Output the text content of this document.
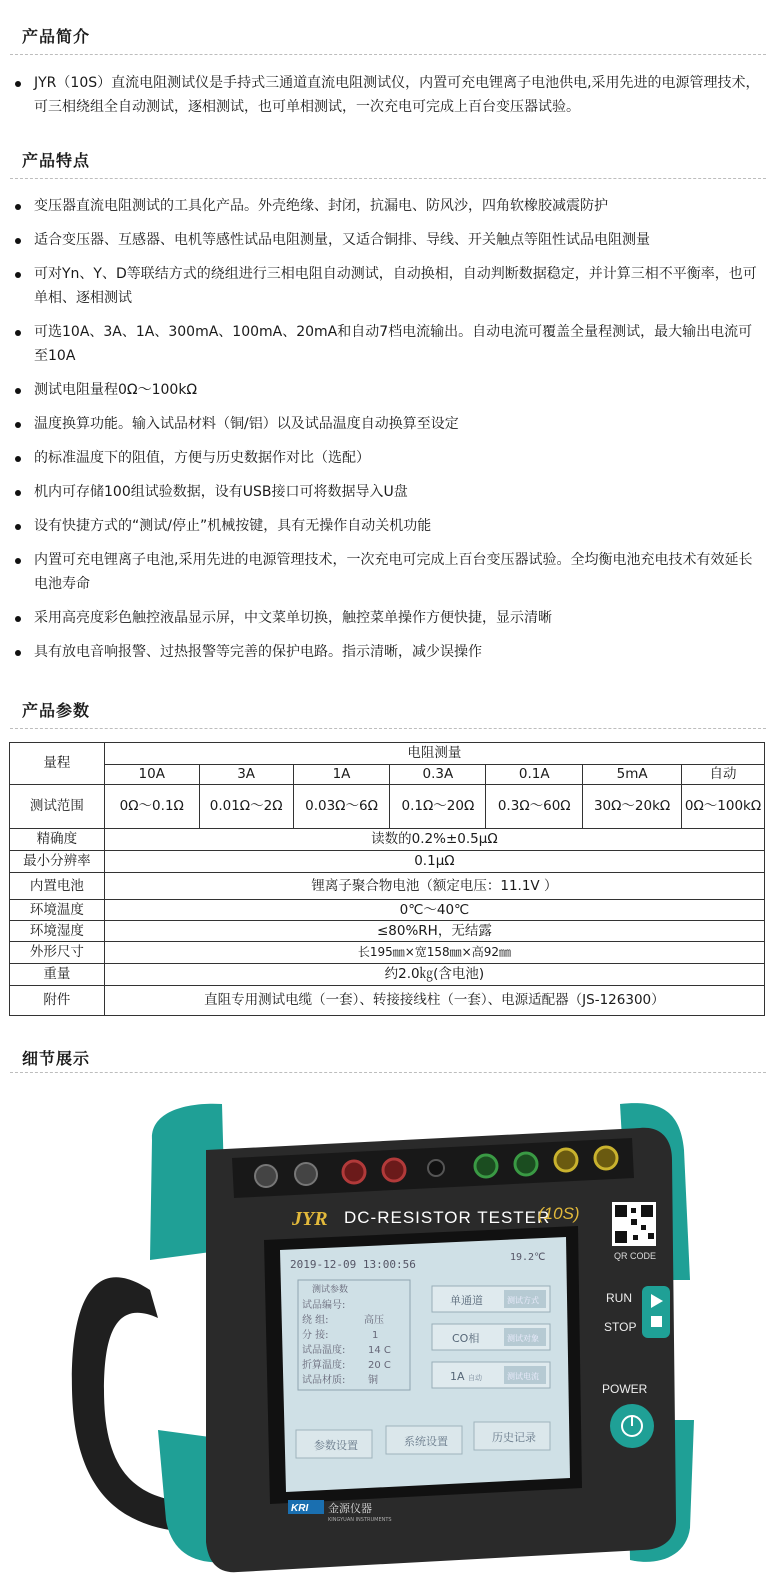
产品简介
JYR（10S）直流电阻测试仪是手持式三通道直流电阻测试仪，内置可充电锂离子电池供电,采用先进的电源管理技术，可三相绕组全自动测试，逐相测试，也可单相测试，一次充电可完成上百台变压器试验。
产品特点
变压器直流电阻测试的工具化产品。外壳绝缘、封闭，抗漏电、防风沙，四角软橡胶减震防护
适合变压器、互感器、电机等感性试品电阻测量，又适合铜排、导线、开关触点等阻性试品电阻测量
可对Yn、Y、D等联结方式的绕组进行三相电阻自动测试，自动换相，自动判断数据稳定，并计算三相不平衡率，也可单相、逐相测试
可选10A、3A、1A、300mA、100mA、20mA和自动7档电流输出。自动电流可覆盖全量程测试，最大输出电流可至10A
测试电阻量程0Ω～100kΩ
温度换算功能。输入试品材料（铜/铝）以及试品温度自动换算至设定
的标准温度下的阻值，方便与历史数据作对比（选配）
机内可存储100组试验数据，设有USB接口可将数据导入U盘
设有快捷方式的“测试/停止”机械按键，具有无操作自动关机功能
内置可充电锂离子电池,采用先进的电源管理技术，一次充电可完成上百台变压器试验。全均衡电池充电技术有效延长电池寿命
采用高亮度彩色触控液晶显示屏，中文菜单切换，触控菜单操作方便快捷，显示清晰
具有放电音响报警、过热报警等完善的保护电路。指示清晰，减少误操作
产品参数
量程	电阻测量						
	10A	3A	1A	0.3A	0.1A	5mA	自动
测试范围	0Ω～0.1Ω	0.01Ω～2Ω	0.03Ω～6Ω	0.1Ω～20Ω	0.3Ω～60Ω	30Ω～20kΩ	0Ω～100kΩ
精确度	读数的0.2%±0.5μΩ						
最小分辨率	0.1μΩ						
内置电池	锂离子聚合物电池（额定电压：11.1V ）						
环境温度	0℃～40℃						
环境湿度	≤80%RH，无结露						
外形尺寸	长195㎜×宽158㎜×高92㎜						
重量	约2.0㎏(含电池)						
附件	直阻专用测试电缆（一套）、转接接线柱（一套）、电源适配器（JS-126300）						
细节展示
JYR DC-RESISTOR TESTER
(10S)
2019-12-09 13:00:56
19.2℃
测试参数
试品编号:
绕 组:	高压
分 接:	1
试品温度: 14 C
折算温度: 20 C
试品材质: 铜
单通道	测试方式
CO相	测试对象
1A 自动	测试电流
参数设置	系统设置	历史记录
QR CODE
RUN
STOP
POWER
KRI 金源仪器
KINGYUAN INSTRUMENTS
